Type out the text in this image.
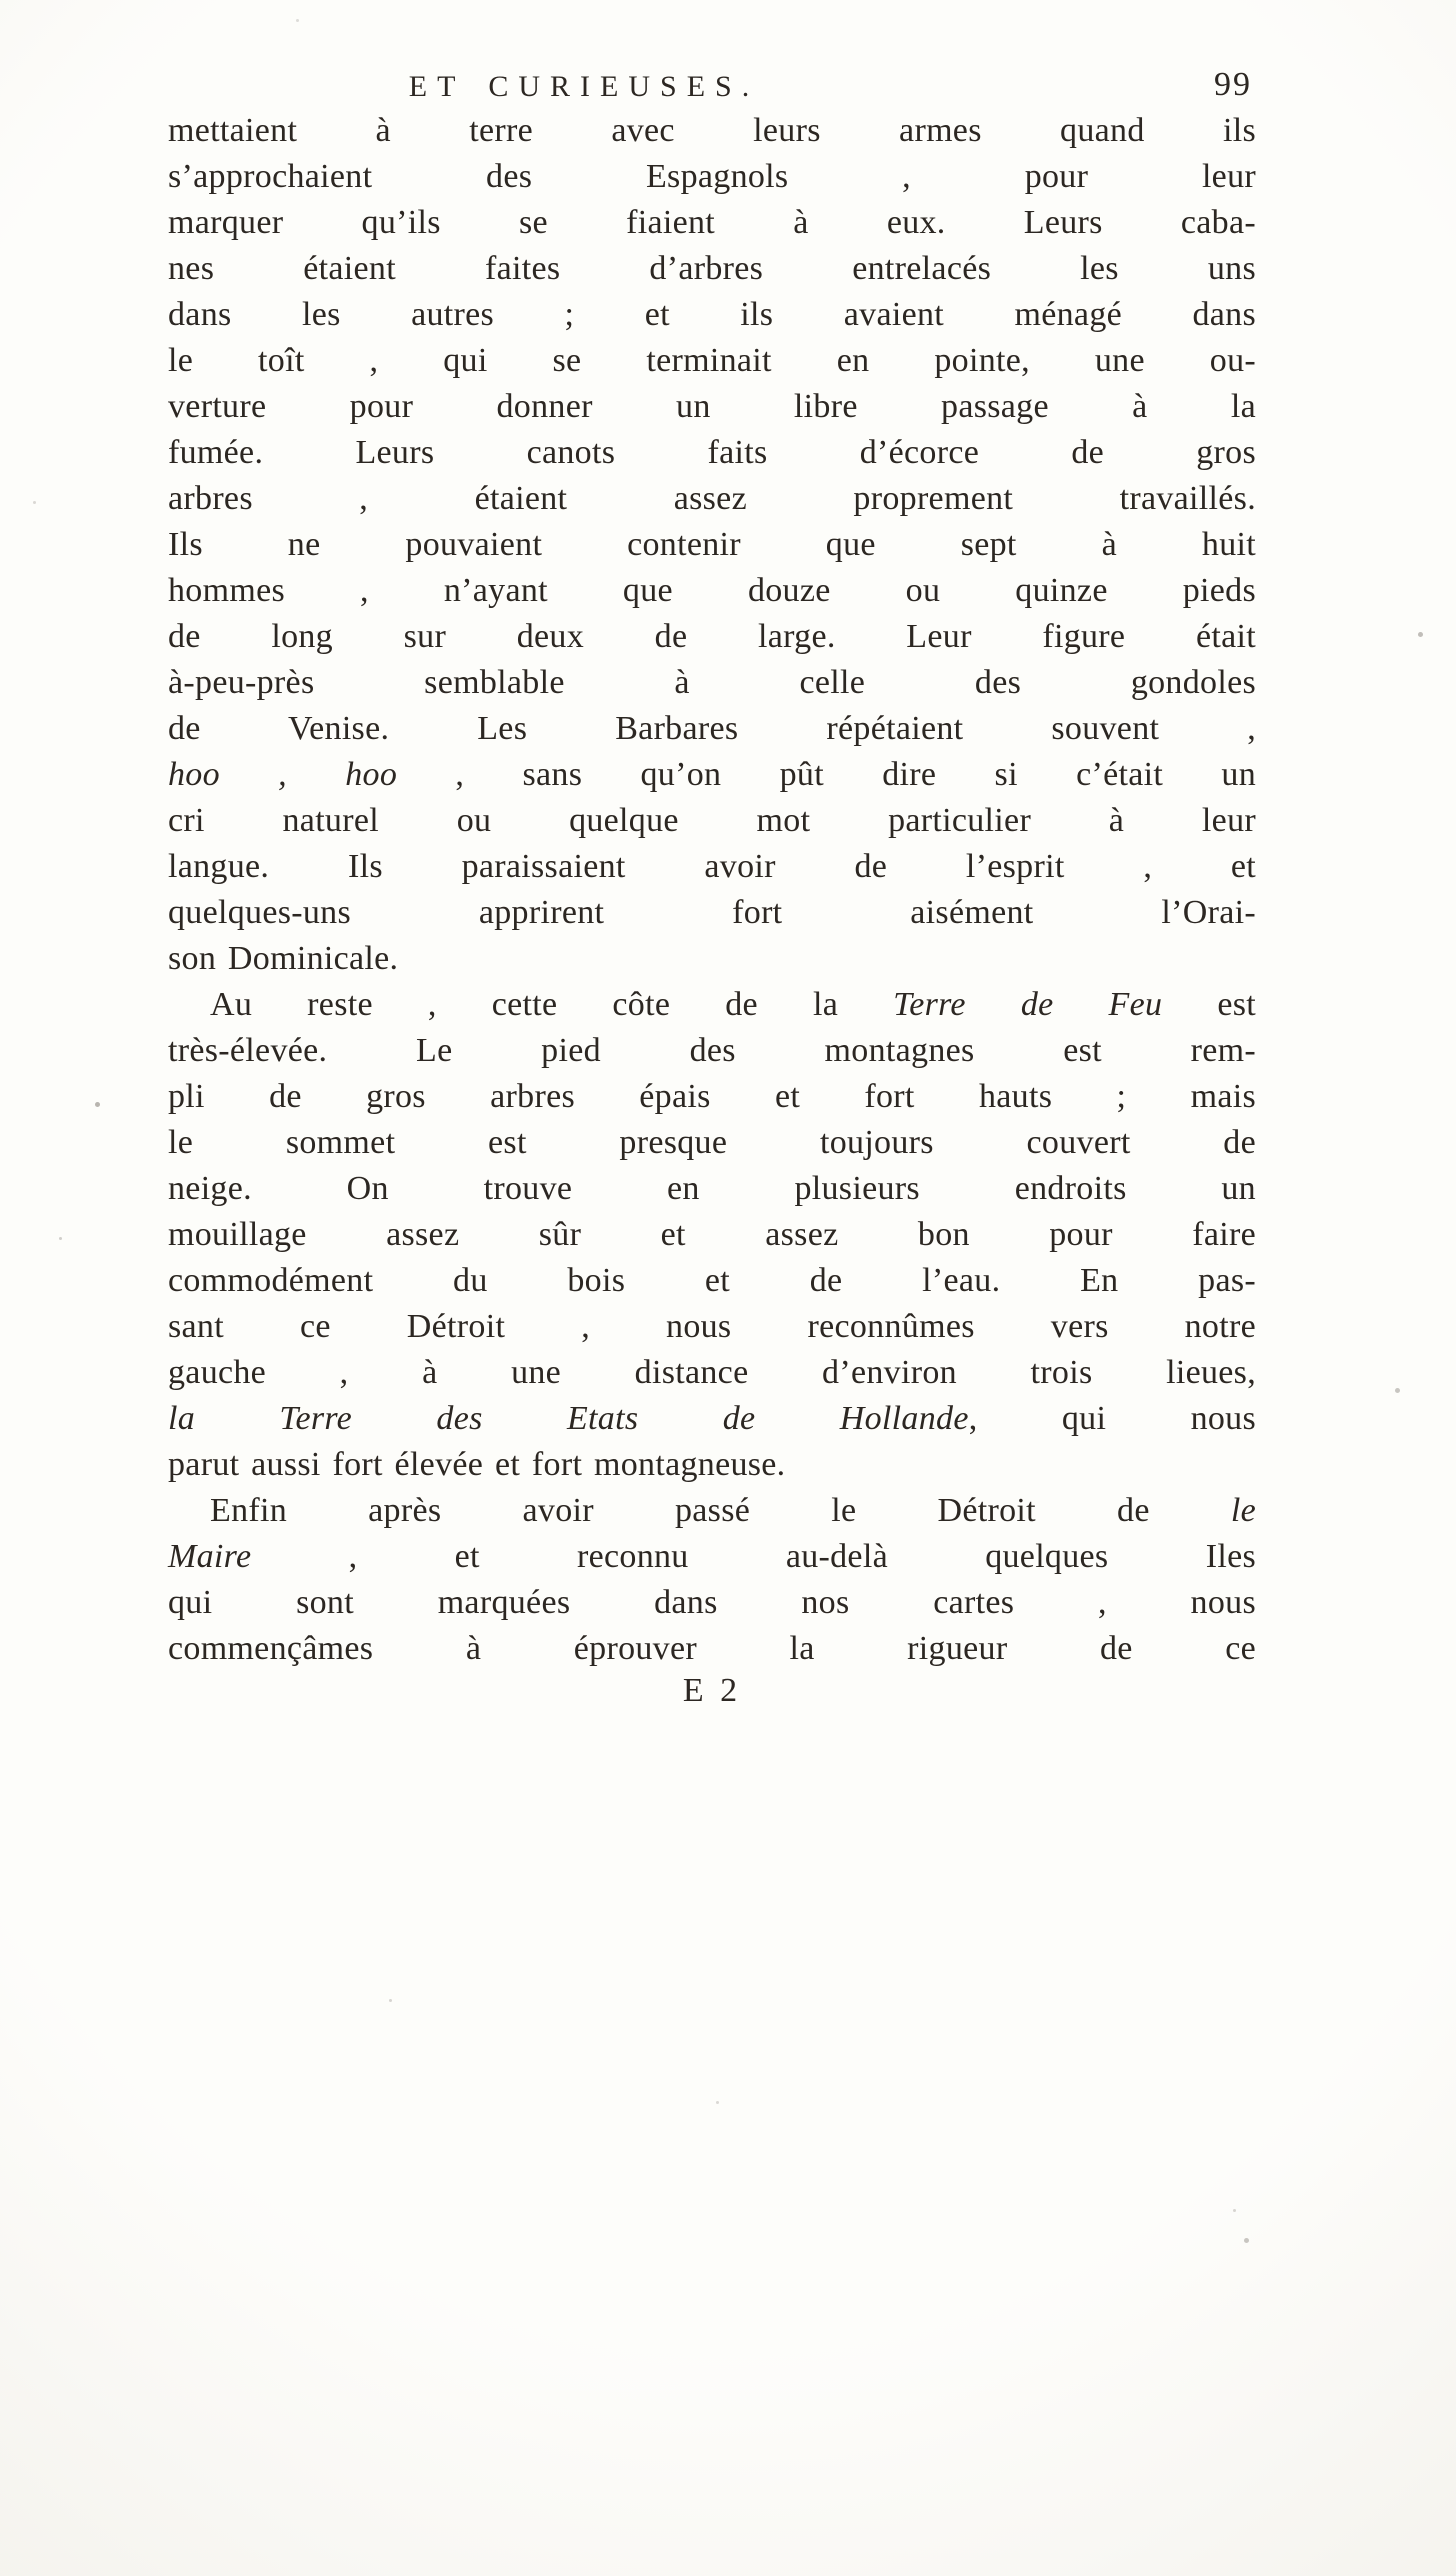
ET CURIEUSES.	99
mettaient à terre avec leurs armes quand ils
s’approchaient des Espagnols , pour leur
marquer qu’ils se fiaient à eux. Leurs caba-
nes étaient faites d’arbres entrelacés les uns
dans les autres ; et ils avaient ménagé dans
le toît , qui se terminait en pointe, une ou-
verture pour donner un libre passage à la
fumée. Leurs canots faits d’écorce de gros
arbres , étaient assez proprement travaillés.
Ils ne pouvaient contenir que sept à huit
hommes , n’ayant que douze ou quinze pieds
de long sur deux de large. Leur figure était
à-peu-près semblable à celle des gondoles
de Venise. Les Barbares répétaient souvent ,
hoo , hoo , sans qu’on pût dire si c’était un
cri naturel ou quelque mot particulier à leur
langue. Ils paraissaient avoir de l’esprit , et
quelques-uns apprirent fort aisément l’Orai-
son Dominicale.
Au reste , cette côte de la Terre de Feu est
très-élevée. Le pied des montagnes est rem-
pli de gros arbres épais et fort hauts ; mais
le sommet est presque toujours couvert de
neige. On trouve en plusieurs endroits un
mouillage assez sûr et assez bon pour faire
commodément du bois et de l’eau. En pas-
sant ce Détroit , nous reconnûmes vers notre
gauche , à une distance d’environ trois lieues,
la Terre des Etats de Hollande, qui nous
parut aussi fort élevée et fort montagneuse.
Enfin après avoir passé le Détroit de le
Maire , et reconnu au-delà quelques Iles
qui sont marquées dans nos cartes , nous
commençâmes à éprouver la rigueur de ce
E 2
